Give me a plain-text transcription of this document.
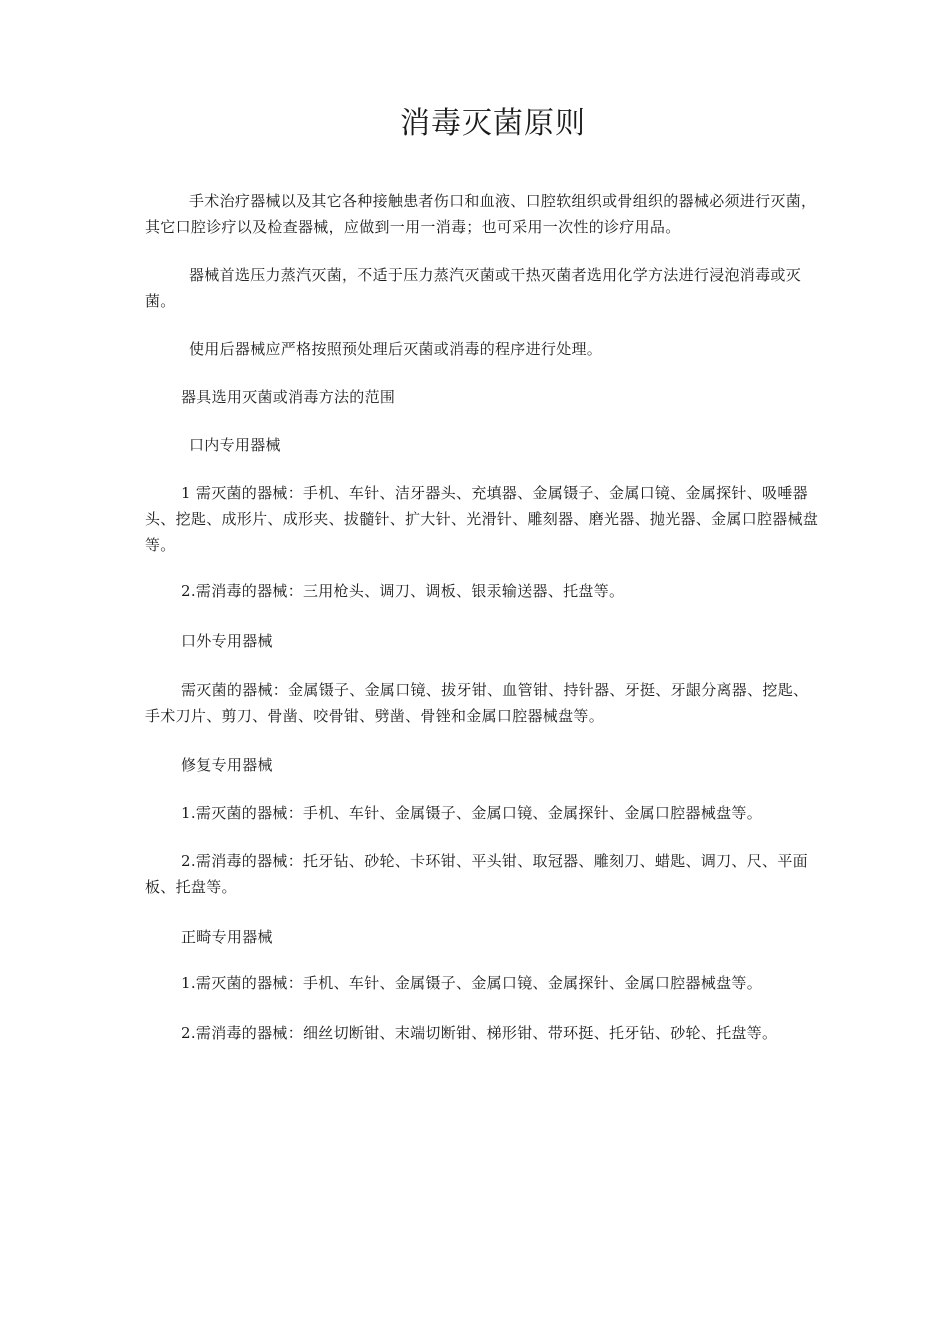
消毒灭菌原则

手术治疗器械以及其它各种接触患者伤口和血液、口腔软组织或骨组织的器械必须进行灭菌，其它口腔诊疗以及检查器械，应做到一用一消毒；也可采用一次性的诊疗用品。

器械首选压力蒸汽灭菌，不适于压力蒸汽灭菌或干热灭菌者选用化学方法进行浸泡消毒或灭菌。

使用后器械应严格按照预处理后灭菌或消毒的程序进行处理。

器具选用灭菌或消毒方法的范围

口内专用器械

1 需灭菌的器械：手机、车针、洁牙器头、充填器、金属镊子、金属口镜、金属探针、吸唾器头、挖匙、成形片、成形夹、拔髓针、扩大针、光滑针、雕刻器、磨光器、抛光器、金属口腔器械盘等。

2.需消毒的器械：三用枪头、调刀、调板、银汞输送器、托盘等。

口外专用器械

需灭菌的器械：金属镊子、金属口镜、拔牙钳、血管钳、持针器、牙挺、牙龈分离器、挖匙、手术刀片、剪刀、骨凿、咬骨钳、劈凿、骨锉和金属口腔器械盘等。

修复专用器械

1.需灭菌的器械：手机、车针、金属镊子、金属口镜、金属探针、金属口腔器械盘等。

2.需消毒的器械：托牙钻、砂轮、卡环钳、平头钳、取冠器、雕刻刀、蜡匙、调刀、尺、平面板、托盘等。

正畸专用器械

1.需灭菌的器械：手机、车针、金属镊子、金属口镜、金属探针、金属口腔器械盘等。

2.需消毒的器械：细丝切断钳、末端切断钳、梯形钳、带环挺、托牙钻、砂轮、托盘等。
